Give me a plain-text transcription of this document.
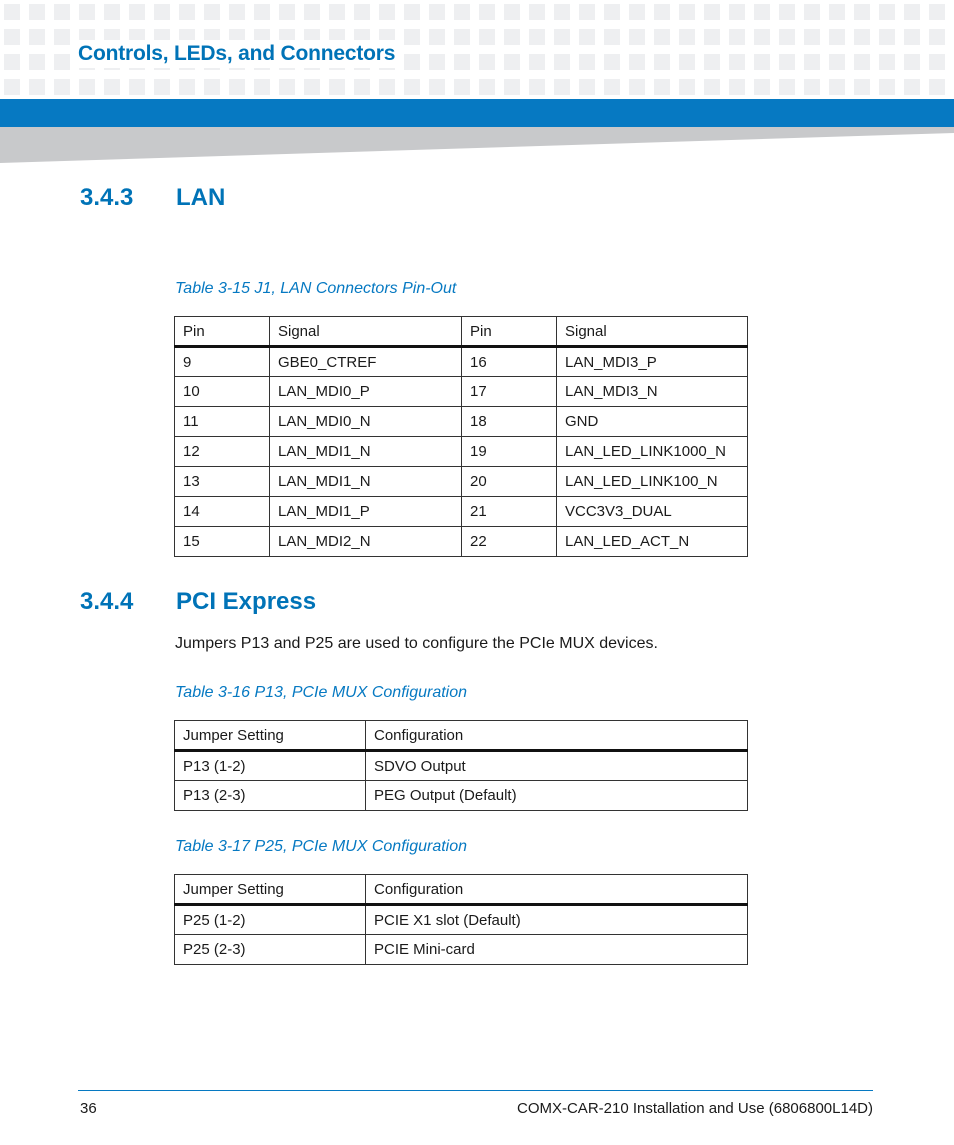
Controls, LEDs, and Connectors
3.4.3 LAN
Table 3-15 J1, LAN Connectors Pin-Out
Pin	Signal	Pin	Signal
9	GBE0_CTREF	16	LAN_MDI3_P
10	LAN_MDI0_P	17	LAN_MDI3_N
11	LAN_MDI0_N	18	GND
12	LAN_MDI1_N	19	LAN_LED_LINK1000_N
13	LAN_MDI1_N	20	LAN_LED_LINK100_N
14	LAN_MDI1_P	21	VCC3V3_DUAL
15	LAN_MDI2_N	22	LAN_LED_ACT_N
3.4.4 PCI Express

Jumpers P13 and P25 are used to configure the PCIe MUX devices.

Table 3-16 P13, PCIe MUX Configuration
Jumper Setting	Configuration
P13 (1-2)	SDVO Output
P13 (2-3)	PEG Output (Default)
Table 3-17 P25, PCIe MUX Configuration
Jumper Setting	Configuration
P25 (1-2)	PCIE X1 slot (Default)
P25 (2-3)	PCIE Mini-card
36	COMX-CAR-210 Installation and Use (6806800L14D)
